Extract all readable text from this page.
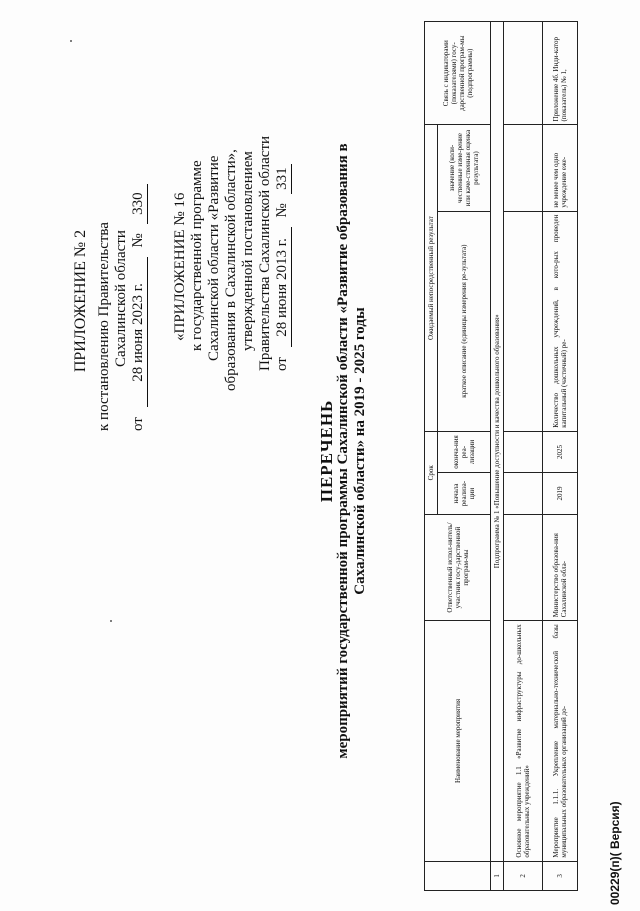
ПРИЛОЖЕНИЕ № 2 к постановлению Правительства Сахалинской области
от 28 июня 2023 г. № 330 «ПРИЛОЖЕНИЕ № 16 к государственной программе Сахалинской области «Развитие образования в Сахалинской области», утвержденной постановлением Правительства Сахалинской области от 28 июня 2013 г. № 331
ПЕРЕЧЕНЬ мероприятий государственной программы Сахалинской области «Развитие образования в Сахалинской области» на 2019 - 2025 годы
	Наименование мероприятия	Ответственный испол-нитель/участник госу-дарственной програм-мы	Срок		Ожидаемый непосредственный результат		Связь с индикаторами (показателями) госу-дарственной програм-мы (подпрограммы)
			начала реализа-ции	оконча-ния реа-лизации	краткое описание (единицы измерения ре-зультата)	значение (коли-чественные изме-рение или каче-ственная оценка результата)	
1	Подпрограмма № 1 «Повышение доступности и качества дошкольного образования»						
2	Основное мероприятие 1.1 «Развитие инфраструктуры до-школьных образовательных учреждений»						
3	Мероприятие 1.1.1. Укрепление материально-технической базы муниципальных образовательных организаций до-	Министерство образова-ния Сахалинской обла-	2019	2025	Количество дошкольных учреждений, в кото-рых проведен капитальный (частичный) ре-	не менее чем одно учреждение еже-	Приложение 4б. Инди-катор (показатель) № 1,
00229(п)( Версия)
